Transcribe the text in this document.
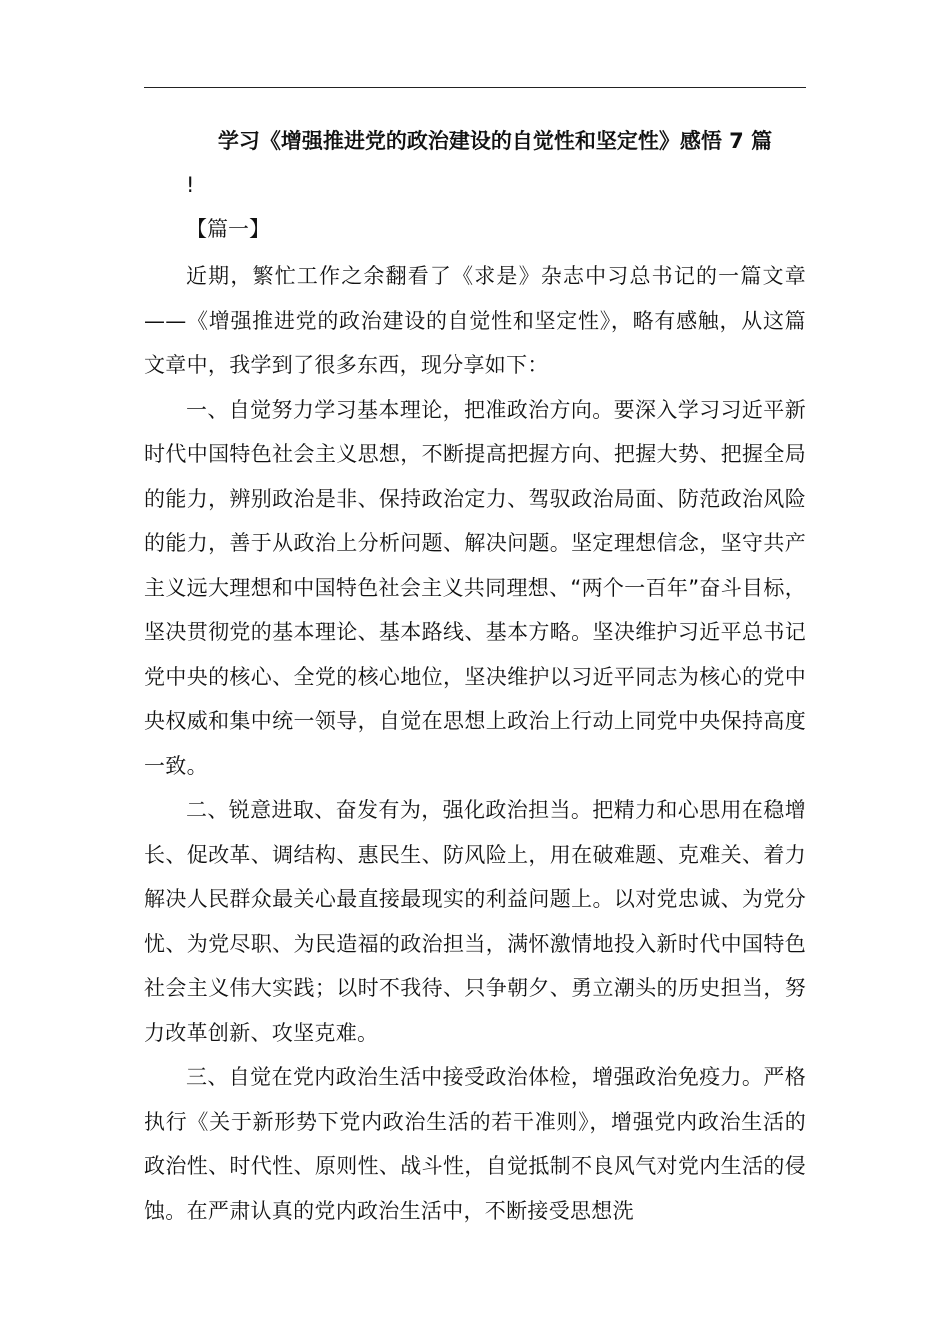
学习《增强推进党的政治建设的自觉性和坚定性》感悟 7 篇
!
【篇一】

近期，繁忙工作之余翻看了《求是》杂志中习总书记的一篇文章——《增强推进党的政治建设的自觉性和坚定性》，略有感触，从这篇文章中，我学到了很多东西，现分享如下：

一、自觉努力学习基本理论，把准政治方向。要深入学习习近平新时代中国特色社会主义思想，不断提高把握方向、把握大势、把握全局的能力，辨别政治是非、保持政治定力、驾驭政治局面、防范政治风险的能力，善于从政治上分析问题、解决问题。坚定理想信念，坚守共产主义远大理想和中国特色社会主义共同理想、“两个一百年”奋斗目标，坚决贯彻党的基本理论、基本路线、基本方略。坚决维护习近平总书记党中央的核心、全党的核心地位，坚决维护以习近平同志为核心的党中央权威和集中统一领导，自觉在思想上政治上行动上同党中央保持高度一致。

二、锐意进取、奋发有为，强化政治担当。把精力和心思用在稳增长、促改革、调结构、惠民生、防风险上，用在破难题、克难关、着力解决人民群众最关心最直接最现实的利益问题上。以对党忠诚、为党分忧、为党尽职、为民造福的政治担当，满怀激情地投入新时代中国特色社会主义伟大实践；以时不我待、只争朝夕、勇立潮头的历史担当，努力改革创新、攻坚克难。

三、自觉在党内政治生活中接受政治体检，增强政治免疫力。严格执行《关于新形势下党内政治生活的若干准则》，增强党内政治生活的政治性、时代性、原则性、战斗性，自觉抵制不良风气对党内生活的侵蚀。在严肃认真的党内政治生活中，不断接受思想洗
